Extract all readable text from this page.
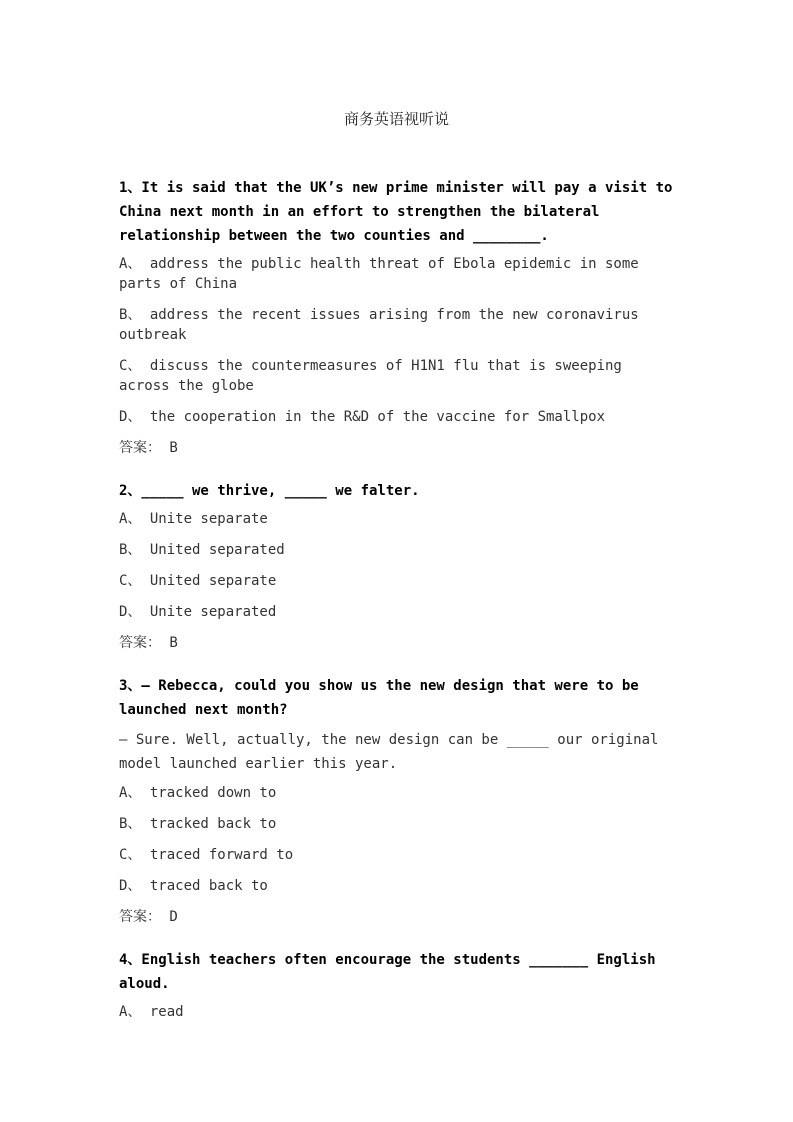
商务英语视听说
1、It is said that the UK’s new prime minister will pay a visit to China next month in an effort to strengthen the bilateral relationship between the two counties and ________.
A、 address the public health threat of Ebola epidemic in some parts of China
B、 address the recent issues arising from the new coronavirus outbreak
C、 discuss the countermeasures of H1N1 flu that is sweeping across the globe
D、 the cooperation in the R&D of the vaccine for Smallpox
答案： B
2、_____ we thrive, _____ we falter.
A、 Unite separate
B、 United separated
C、 United separate
D、 Unite separated
答案： B
3、— Rebecca, could you show us the new design that were to be launched next month?
— Sure. Well, actually, the new design can be _____ our original model launched earlier this year.
A、 tracked down to
B、 tracked back to
C、 traced forward to
D、 traced back to
答案： D
4、English teachers often encourage the students _______ English aloud.
A、 read
